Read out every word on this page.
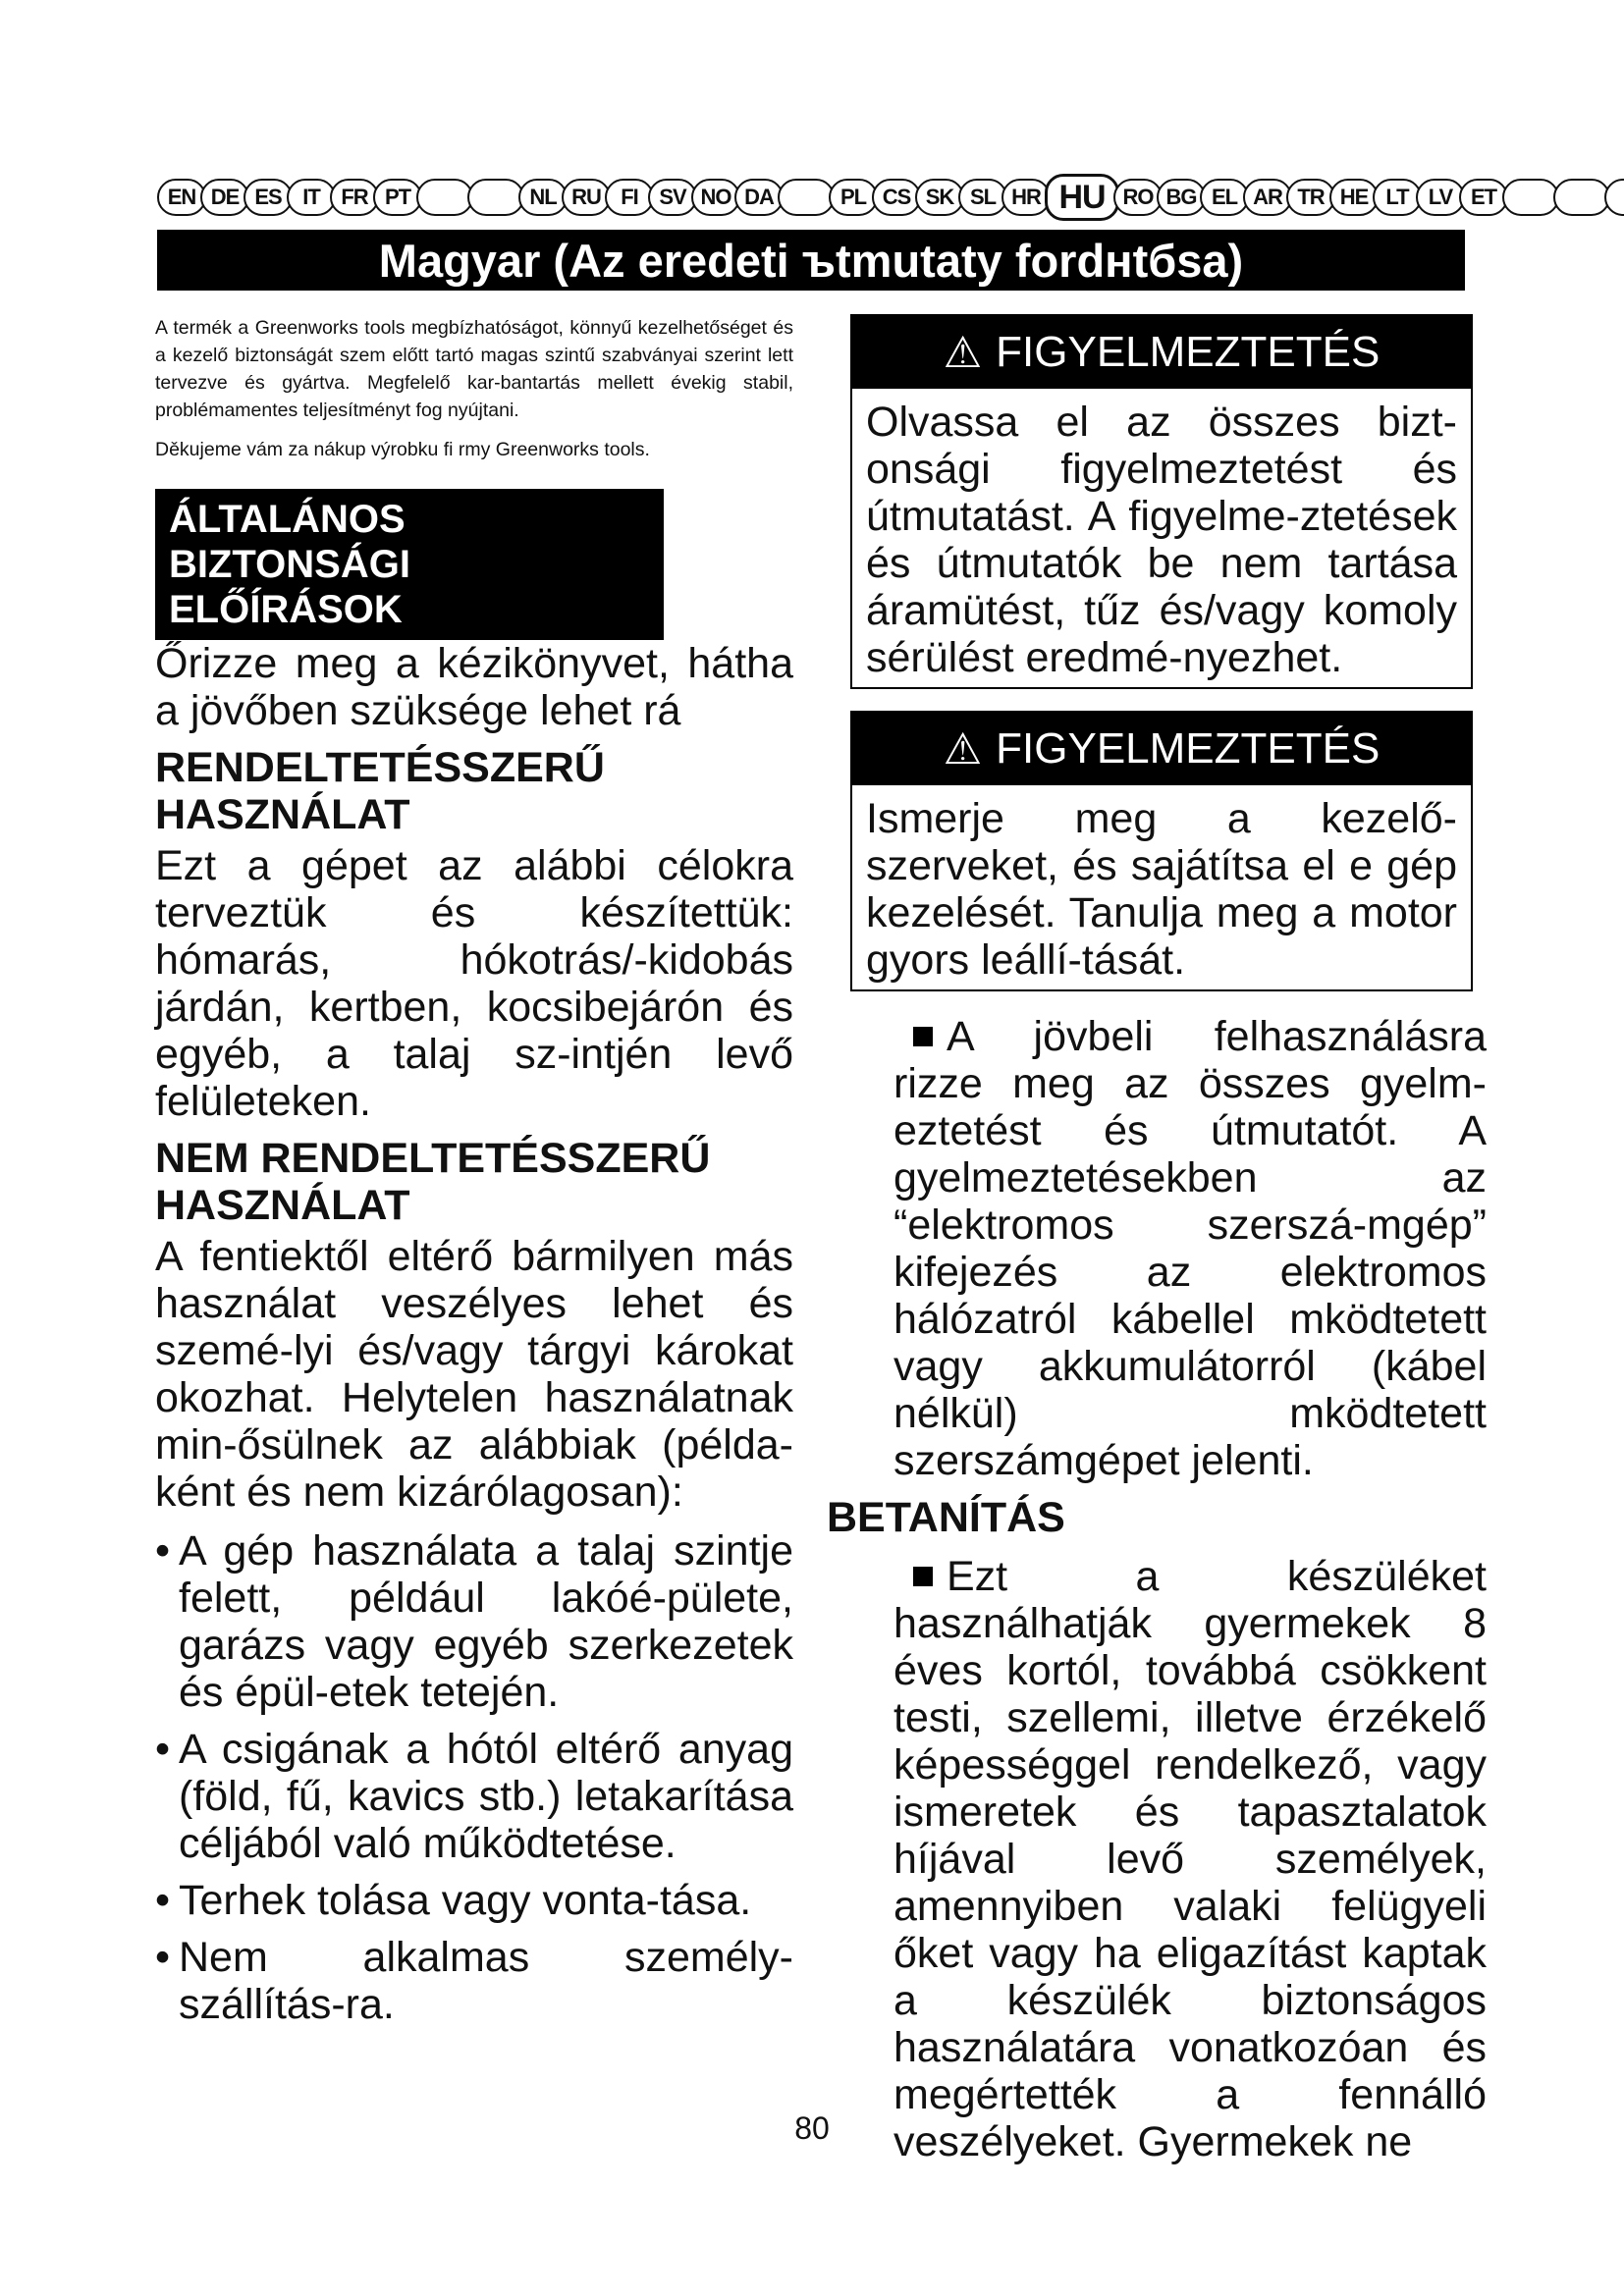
EN DE ES IT FR PT	NL RU FI SV NO DA	PL CS SK SL HR HU RO BG EL AR TR HE LT LV ET
Magyar (Az eredeti ъtmutaty fordнtбsa)

A termék a Greenworks tools megbízhatóságot, könnyű kezelhetőséget és a kezelő biztonságát szem előtt tartó magas szintű szabványai szerint lett tervezve és gyártva. Megfelelő kar-bantartás mellett évekig stabil, problémamentes teljesítményt fog nyújtani.

Děkujeme vám za nákup výrobku fi rmy Greenworks tools.

ÁLTALÁNOS BIZTONSÁGI
ELŐÍRÁSOK

Őrizze meg a kézikönyvet, hátha a jövőben szüksége lehet rá

RENDELTETÉSSZERŰ
HASZNÁLAT

Ezt a gépet az alábbi célokra terveztük és készítettük: hómarás, hókotrás/-kidobás járdán, kertben, kocsibejárón és egyéb, a talaj sz-intjén levő felületeken.

NEM RENDELTETÉSSZERŰ
HASZNÁLAT

A fentiektől eltérő bármilyen más használat veszélyes lehet és szemé-lyi és/vagy tárgyi károkat okozhat. Helytelen használatnak min-ősülnek az alábbiak (példa-ként és nem kizárólagosan):

• A gép használata a talaj szintje felett, például lakóé-pülete, garázs vagy egyéb szerkezetek és épül-etek tetején.
• A csigának a hótól eltérő anyag (föld, fű, kavics stb.) letakarítása céljából való működtetése.
• Terhek tolása vagy vonta-tása.
• Nem alkalmas személy-szállítás-ra.
⚠ FIGYELMEZTETÉS
Olvassa el az összes bizt-onsági figyelmeztetést és útmutatást. A figyelme-ztetések és útmutatók be nem tartása áramütést, tűz és/vagy komoly sérülést eredmé-nyezhet.
⚠ FIGYELMEZTETÉS
Ismerje meg a kezelő-szerveket, és sajátítsa el e gép kezelését. Tanulja meg a motor gyors leállí-tását.
A jövbeli felhasználásra rizze meg az összes gyelm-eztetést és útmutatót. A gyelmeztetésekben az “elektromos szerszá-mgép” kifejezés az elektromos hálózatról kábellel mködtetett vagy akkumulátorról (kábel nélkül) mködtetett szerszámgépet jelenti.
BETANÍTÁS
Ezt a készüléket használhatják gyermekek 8 éves kortól, továbbá csökkent testi, szellemi, illetve érzékelő képességgel rendelkező, vagy ismeretek és tapasztalatok híjával levő személyek, amennyiben valaki felügyeli őket vagy ha eligazítást kaptak a készülék biztonságos használatára vonatkozóan és megértették a fennálló veszélyeket. Gyermekek ne
80
